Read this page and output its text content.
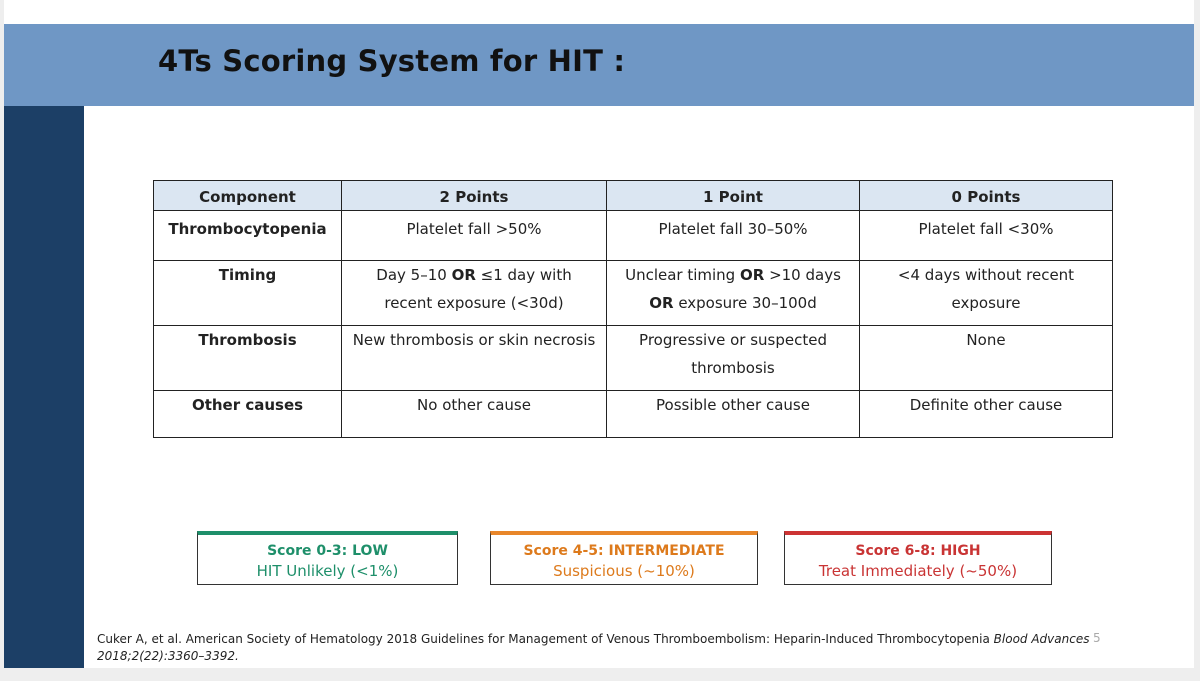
4Ts Scoring System for HIT :
Component	2 Points	1 Point	0 Points
Thrombocytopenia	Platelet fall >50%	Platelet fall 30–50%	Platelet fall <30%
Timing	Day 5–10 OR ≤1 day with recent exposure (<30d)	Unclear timing OR >10 days OR exposure 30–100d	<4 days without recent exposure
Thrombosis	New thrombosis or skin necrosis	Progressive or suspected thrombosis	None
Other causes	No other cause	Possible other cause	Definite other cause
Score 0-3: LOW
HIT Unlikely (<1%)
Score 4-5: INTERMEDIATE
Suspicious (~10%)
Score 6-8: HIGH
Treat Immediately (~50%)
Cuker A, et al. American Society of Hematology 2018 Guidelines for Management of Venous Thromboembolism: Heparin-Induced Thrombocytopenia Blood Advances
2018;2(22):3360–3392.
5
